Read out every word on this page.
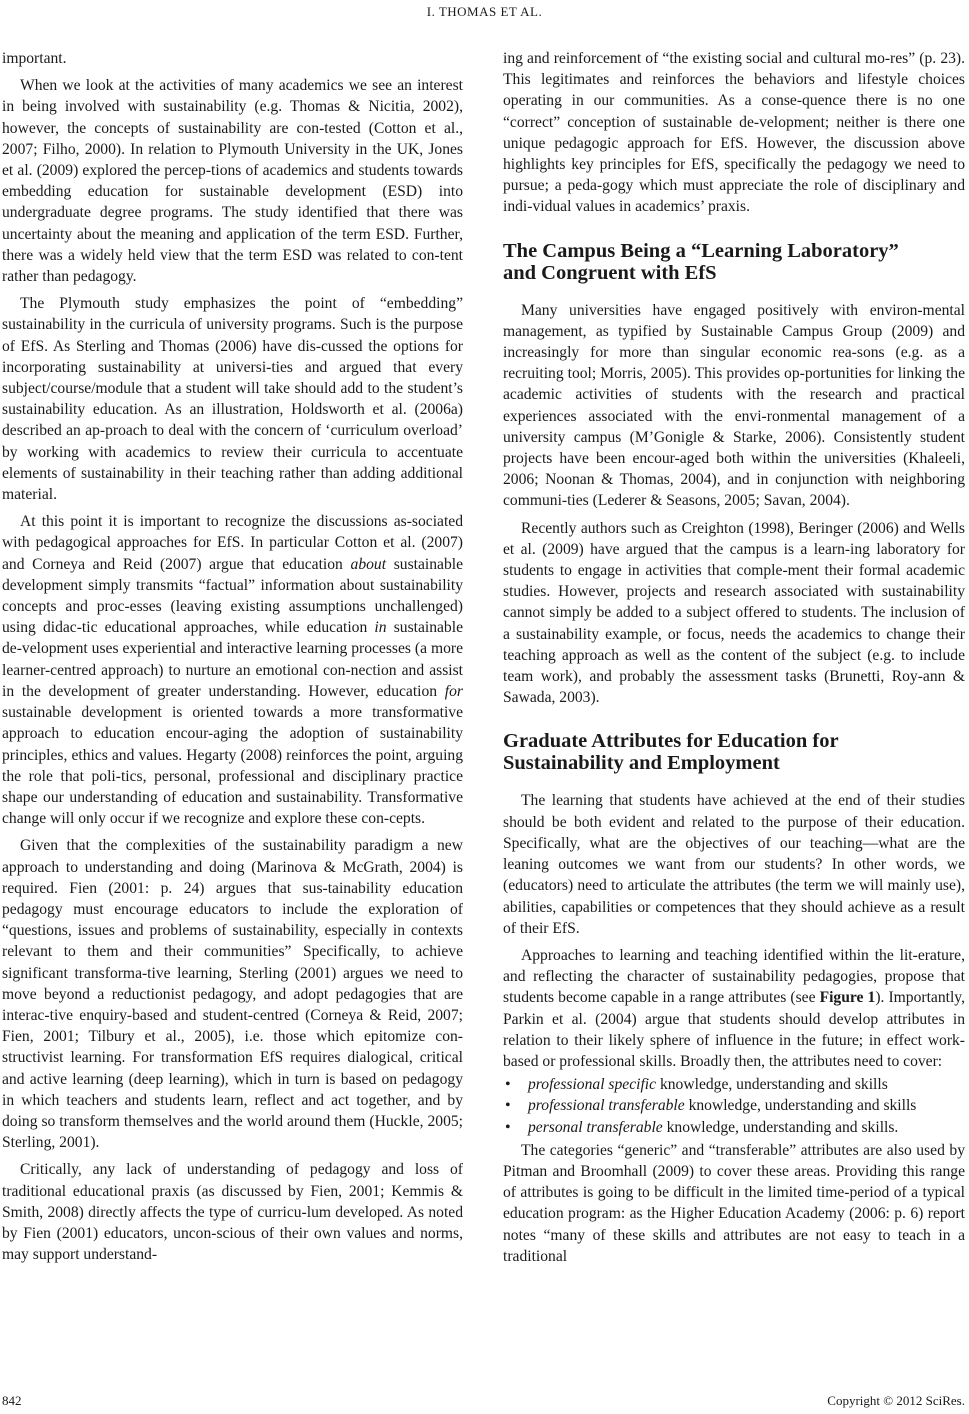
I. THOMAS ET AL.

important.

When we look at the activities of many academics we see an interest in being involved with sustainability (e.g. Thomas & Nicitia, 2002), however, the concepts of sustainability are con-tested (Cotton et al., 2007; Filho, 2000). In relation to Plymouth University in the UK, Jones et al. (2009) explored the percep-tions of academics and students towards embedding education for sustainable development (ESD) into undergraduate degree programs. The study identified that there was uncertainty about the meaning and application of the term ESD. Further, there was a widely held view that the term ESD was related to con-tent rather than pedagogy.

The Plymouth study emphasizes the point of “embedding” sustainability in the curricula of university programs. Such is the purpose of EfS. As Sterling and Thomas (2006) have dis-cussed the options for incorporating sustainability at universi-ties and argued that every subject/course/module that a student will take should add to the student’s sustainability education. As an illustration, Holdsworth et al. (2006a) described an ap-proach to deal with the concern of ‘curriculum overload’ by working with academics to review their curricula to accentuate elements of sustainability in their teaching rather than adding additional material.

At this point it is important to recognize the discussions as-sociated with pedagogical approaches for EfS. In particular Cotton et al. (2007) and Corneya and Reid (2007) argue that education about sustainable development simply transmits “factual” information about sustainability concepts and proc-esses (leaving existing assumptions unchallenged) using didac-tic educational approaches, while education in sustainable de-velopment uses experiential and interactive learning processes (a more learner-centred approach) to nurture an emotional con-nection and assist in the development of greater understanding. However, education for sustainable development is oriented towards a more transformative approach to education encour-aging the adoption of sustainability principles, ethics and values. Hegarty (2008) reinforces the point, arguing the role that poli-tics, personal, professional and disciplinary practice shape our understanding of education and sustainability. Transformative change will only occur if we recognize and explore these con-cepts.

Given that the complexities of the sustainability paradigm a new approach to understanding and doing (Marinova & McGrath, 2004) is required. Fien (2001: p. 24) argues that sus-tainability education pedagogy must encourage educators to include the exploration of “questions, issues and problems of sustainability, especially in contexts relevant to them and their communities” Specifically, to achieve significant transforma-tive learning, Sterling (2001) argues we need to move beyond a reductionist pedagogy, and adopt pedagogies that are interac-tive enquiry-based and student-centred (Corneya & Reid, 2007; Fien, 2001; Tilbury et al., 2005), i.e. those which epitomize con-structivist learning. For transformation EfS requires dialogical, critical and active learning (deep learning), which in turn is based on pedagogy in which teachers and students learn, reflect and act together, and by doing so transform themselves and the world around them (Huckle, 2005; Sterling, 2001).

Critically, any lack of understanding of pedagogy and loss of traditional educational praxis (as discussed by Fien, 2001; Kemmis & Smith, 2008) directly affects the type of curricu-lum developed. As noted by Fien (2001) educators, uncon-scious of their own values and norms, may support understand-

ing and reinforcement of “the existing social and cultural mo-res” (p. 23). This legitimates and reinforces the behaviors and lifestyle choices operating in our communities. As a conse-quence there is no one “correct” conception of sustainable de-velopment; neither is there one unique pedagogic approach for EfS. However, the discussion above highlights key principles for EfS, specifically the pedagogy we need to pursue; a peda-gogy which must appreciate the role of disciplinary and indi-vidual values in academics’ praxis.

The Campus Being a “Learning Laboratory”
and Congruent with EfS

Many universities have engaged positively with environ-mental management, as typified by Sustainable Campus Group (2009) and increasingly for more than singular economic rea-sons (e.g. as a recruiting tool; Morris, 2005). This provides op-portunities for linking the academic activities of students with the research and practical experiences associated with the envi-ronmental management of a university campus (M’Gonigle & Starke, 2006). Consistently student projects have been encour-aged both within the universities (Khaleeli, 2006; Noonan & Thomas, 2004), and in conjunction with neighboring communi-ties (Lederer & Seasons, 2005; Savan, 2004).

Recently authors such as Creighton (1998), Beringer (2006) and Wells et al. (2009) have argued that the campus is a learn-ing laboratory for students to engage in activities that comple-ment their formal academic studies. However, projects and research associated with sustainability cannot simply be added to a subject offered to students. The inclusion of a sustainability example, or focus, needs the academics to change their teaching approach as well as the content of the subject (e.g. to include team work), and probably the assessment tasks (Brunetti, Roy-ann & Sawada, 2003).

Graduate Attributes for Education for
Sustainability and Employment

The learning that students have achieved at the end of their studies should be both evident and related to the purpose of their education. Specifically, what are the objectives of our teaching—what are the leaning outcomes we want from our students? In other words, we (educators) need to articulate the attributes (the term we will mainly use), abilities, capabilities or competences that they should achieve as a result of their EfS.

Approaches to learning and teaching identified within the lit-erature, and reflecting the character of sustainability pedagogies, propose that students become capable in a range attributes (see Figure 1). Importantly, Parkin et al. (2004) argue that students should develop attributes in relation to their likely sphere of influence in the future; in effect work-based or professional skills. Broadly then, the attributes need to cover:

• professional specific knowledge, understanding and skills
• professional transferable knowledge, understanding and skills
• personal transferable knowledge, understanding and skills.

The categories “generic” and “transferable” attributes are also used by Pitman and Broomhall (2009) to cover these areas. Providing this range of attributes is going to be difficult in the limited time-period of a typical education program: as the Higher Education Academy (2006: p. 6) report notes “many of these skills and attributes are not easy to teach in a traditional

842	Copyright © 2012 SciRes.
